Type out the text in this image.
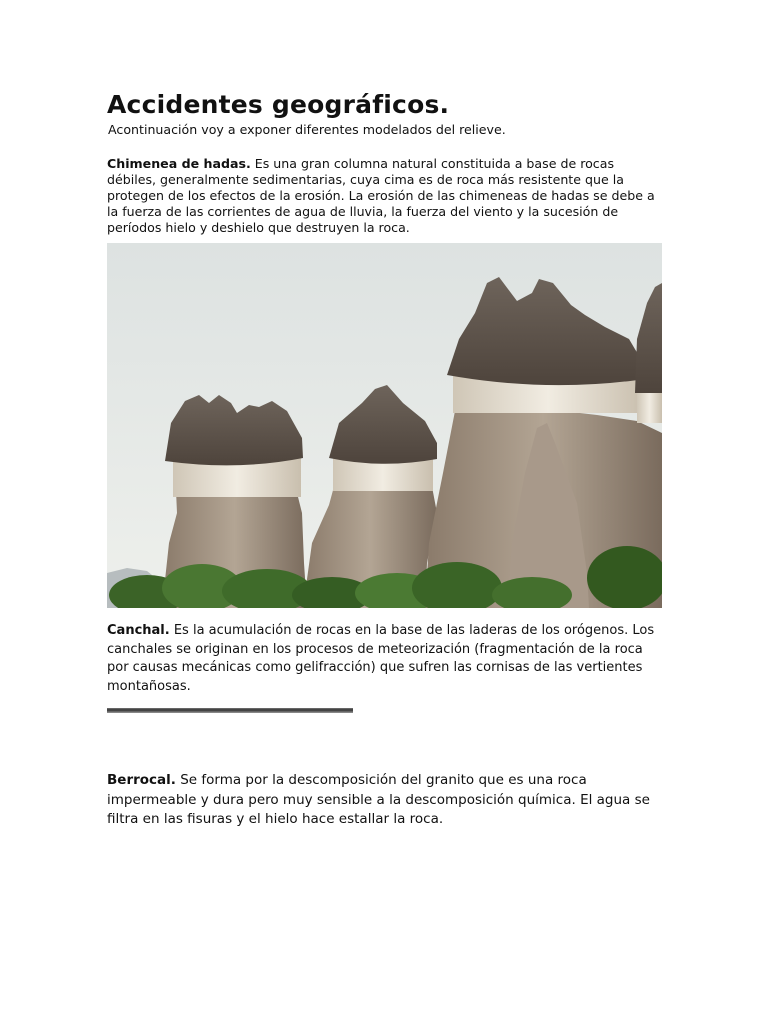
Accidentes geográficos.

Acontinuación voy a exponer diferentes modelados del relieve.

Chimenea de hadas. Es una gran columna natural constituida a base de rocas débiles, generalmente sedimentarias, cuya cima es de roca más resistente que la protegen de los efectos de la erosión. La erosión de las chimeneas de hadas se debe a la fuerza de las corrientes de agua de lluvia, la fuerza del viento y la sucesión de períodos hielo y deshielo que destruyen la roca.

Canchal. Es la acumulación de rocas en la base de las laderas de los orógenos. Los canchales se originan en los procesos de meteorización (fragmentación de la roca por causas mecánicas como gelifracción) que sufren las cornisas de las vertientes montañosas.

Berrocal. Se forma por la descomposición del granito que es una roca impermeable y dura pero muy sensible a la descomposición química. El agua se filtra en las fisuras y el hielo hace estallar la roca.
